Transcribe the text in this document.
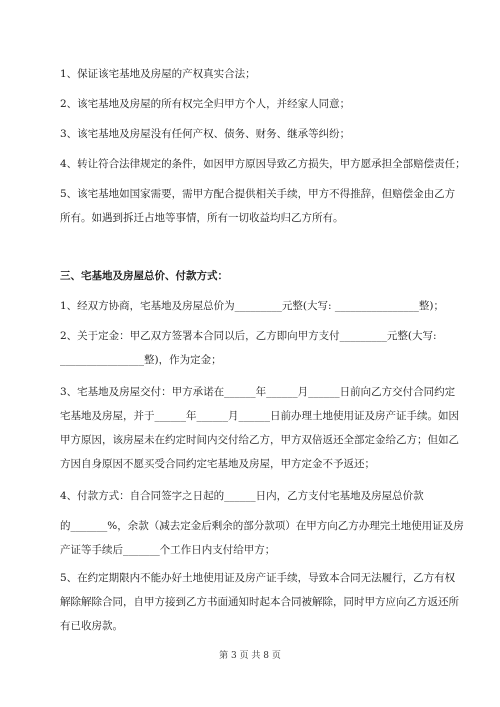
1、保证该宅基地及房屋的产权真实合法；
2、该宅基地及房屋的所有权完全归甲方个人，并经家人同意；
3、该宅基地及房屋没有任何产权、债务、财务、继承等纠纷；
4、转让符合法律规定的条件，如因甲方原因导致乙方损失，甲方愿承担全部赔偿责任；
5、该宅基地如国家需要，需甲方配合提供相关手续，甲方不得推辞，但赔偿金由乙方
所有。如遇到拆迁占地等事情，所有一切收益均归乙方所有。
三、宅基地及房屋总价、付款方式：
1、经双方协商，宅基地及房屋总价为_________元整(大写: ________________整)；
2、关于定金：甲乙双方签署本合同以后，乙方即向甲方支付_________元整(大写:
________________整)，作为定金；
3、宅基地及房屋交付：甲方承诺在______年______月______日前向乙方交付合同约定
宅基地及房屋，并于______年______月______日前办理土地使用证及房产证手续。如因
甲方原因，该房屋未在约定时间内交付给乙方，甲方双倍返还全部定金给乙方；但如乙
方因自身原因不愿买受合同约定宅基地及房屋，甲方定金不予返还；
4、付款方式：自合同签字之日起的______日内，乙方支付宅基地及房屋总价款
的_______%，余款（减去定金后剩余的部分款项）在甲方向乙方办理完土地使用证及房
产证等手续后_______个工作日内支付给甲方；
5、在约定期限内不能办好土地使用证及房产证手续，导致本合同无法履行，乙方有权
解除解除合同，自甲方接到乙方书面通知时起本合同被解除，同时甲方应向乙方返还所
有已收房款。
第 3 页 共 8 页
